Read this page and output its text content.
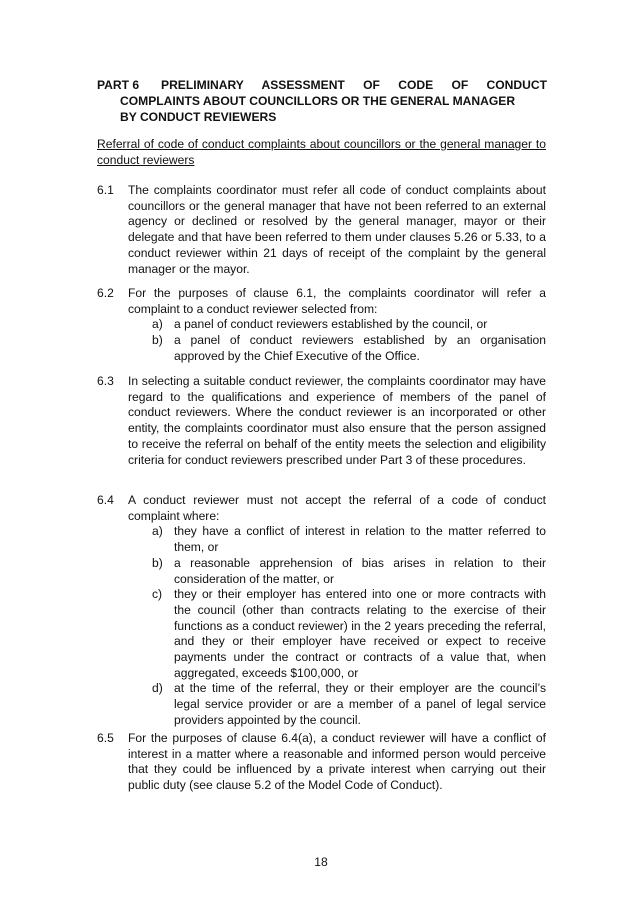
PART 6	PRELIMINARY ASSESSMENT OF CODE OF CONDUCT
COMPLAINTS ABOUT COUNCILLORS OR THE GENERAL MANAGER
BY CONDUCT REVIEWERS
Referral of code of conduct complaints about councillors or the general manager to conduct reviewers
6.1	The complaints coordinator must refer all code of conduct complaints about councillors or the general manager that have not been referred to an external agency or declined or resolved by the general manager, mayor or their delegate and that have been referred to them under clauses 5.26 or 5.33, to a conduct reviewer within 21 days of receipt of the complaint by the general manager or the mayor.

6.2	For the purposes of clause 6.1, the complaints coordinator will refer a complaint to a conduct reviewer selected from:

a) a panel of conduct reviewers established by the council, or
b) a panel of conduct reviewers established by an organisation approved by the Chief Executive of the Office.
6.3	In selecting a suitable conduct reviewer, the complaints coordinator may have regard to the qualifications and experience of members of the panel of conduct reviewers. Where the conduct reviewer is an incorporated or other entity, the complaints coordinator must also ensure that the person assigned to receive the referral on behalf of the entity meets the selection and eligibility criteria for conduct reviewers prescribed under Part 3 of these procedures.

6.4	A conduct reviewer must not accept the referral of a code of conduct complaint where:

a) they have a conflict of interest in relation to the matter referred to them, or
b) a reasonable apprehension of bias arises in relation to their consideration of the matter, or
c) they or their employer has entered into one or more contracts with the council (other than contracts relating to the exercise of their functions as a conduct reviewer) in the 2 years preceding the referral, and they or their employer have received or expect to receive payments under the contract or contracts of a value that, when aggregated, exceeds $100,000, or
d) at the time of the referral, they or their employer are the council’s legal service provider or are a member of a panel of legal service providers appointed by the council.
6.5	For the purposes of clause 6.4(a), a conduct reviewer will have a conflict of interest in a matter where a reasonable and informed person would perceive that they could be influenced by a private interest when carrying out their public duty (see clause 5.2 of the Model Code of Conduct).

18
